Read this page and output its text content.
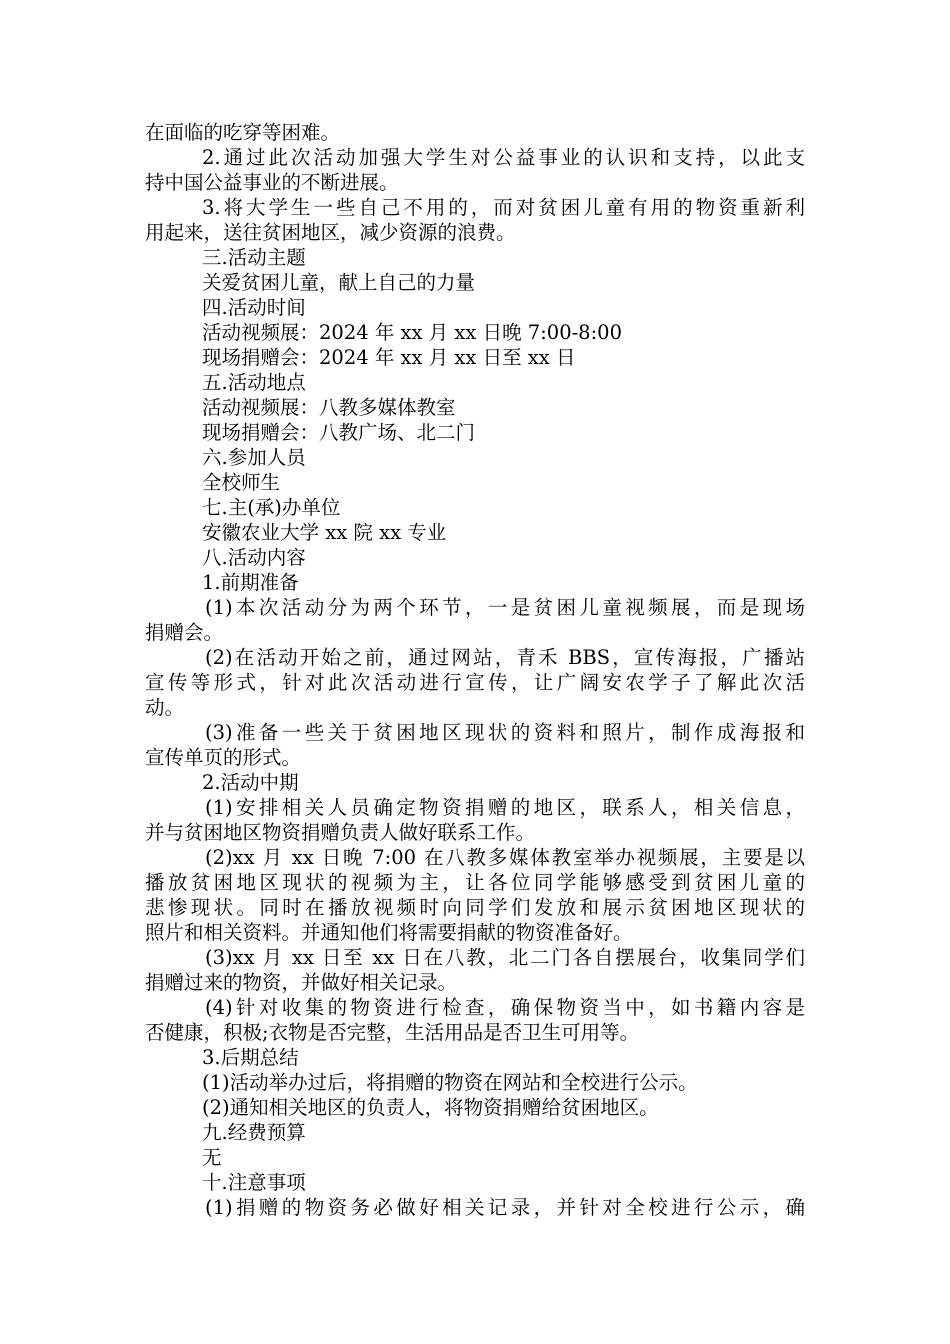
在面临的吃穿等困难。
2.通过此次活动加强大学生对公益事业的认识和支持，以此支
持中国公益事业的不断进展。
3.将大学生一些自己不用的，而对贫困儿童有用的物资重新利
用起来，送往贫困地区，减少资源的浪费。
三.活动主题
关爱贫困儿童，献上自己的力量
四.活动时间
活动视频展：2024 年 xx 月 xx 日晚 7:00-8:00
现场捐赠会：2024 年 xx 月 xx 日至 xx 日
五.活动地点
活动视频展：八教多媒体教室
现场捐赠会：八教广场、北二门
六.参加人员
全校师生
七.主(承)办单位
安徽农业大学 xx 院 xx 专业
八.活动内容
1.前期准备
(1)本次活动分为两个环节，一是贫困儿童视频展，而是现场
捐赠会。
(2)在活动开始之前，通过网站，青禾 BBS，宣传海报，广播站
宣传等形式，针对此次活动进行宣传，让广阔安农学子了解此次活
动。
(3)准备一些关于贫困地区现状的资料和照片，制作成海报和
宣传单页的形式。
2.活动中期
(1)安排相关人员确定物资捐赠的地区，联系人，相关信息，
并与贫困地区物资捐赠负责人做好联系工作。
(2)xx 月 xx 日晚 7:00 在八教多媒体教室举办视频展，主要是以
播放贫困地区现状的视频为主，让各位同学能够感受到贫困儿童的
悲惨现状。同时在播放视频时向同学们发放和展示贫困地区现状的
照片和相关资料。并通知他们将需要捐献的物资准备好。
(3)xx 月 xx 日至 xx 日在八教，北二门各自摆展台，收集同学们
捐赠过来的物资，并做好相关记录。
(4)针对收集的物资进行检查，确保物资当中，如书籍内容是
否健康，积极;衣物是否完整，生活用品是否卫生可用等。
3.后期总结
(1)活动举办过后，将捐赠的物资在网站和全校进行公示。
(2)通知相关地区的负责人，将物资捐赠给贫困地区。
九.经费预算
无
十.注意事项
(1)捐赠的物资务必做好相关记录，并针对全校进行公示，确
